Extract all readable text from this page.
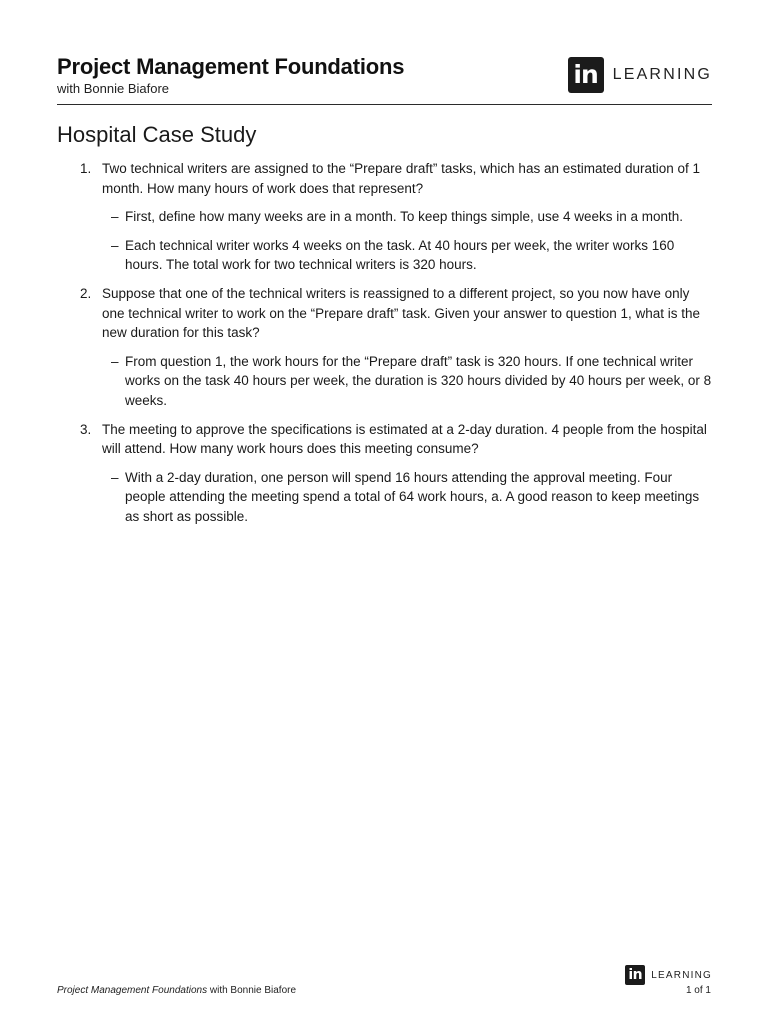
Project Management Foundations
with Bonnie Biafore	in LEARNING
Hospital Case Study
1. Two technical writers are assigned to the “Prepare draft” tasks, which has an estimated duration of 1 month. How many hours of work does that represent?
– First, define how many weeks are in a month. To keep things simple, use 4 weeks in a month.
– Each technical writer works 4 weeks on the task. At 40 hours per week, the writer works 160 hours. The total work for two technical writers is 320 hours.
2. Suppose that one of the technical writers is reassigned to a different project, so you now have only one technical writer to work on the “Prepare draft” task. Given your answer to question 1, what is the new duration for this task?
– From question 1, the work hours for the “Prepare draft” task is 320 hours. If one technical writer works on the task 40 hours per week, the duration is 320 hours divided by 40 hours per week, or 8 weeks.
3. The meeting to approve the specifications is estimated at a 2-day duration. 4 people from the hospital will attend. How many work hours does this meeting consume?
– With a 2-day duration, one person will spend 16 hours attending the approval meeting. Four people attending the meeting spend a total of 64 work hours, a. A good reason to keep meetings as short as possible.
Project Management Foundations with Bonnie Biafore
in LEARNING
1 of 1
